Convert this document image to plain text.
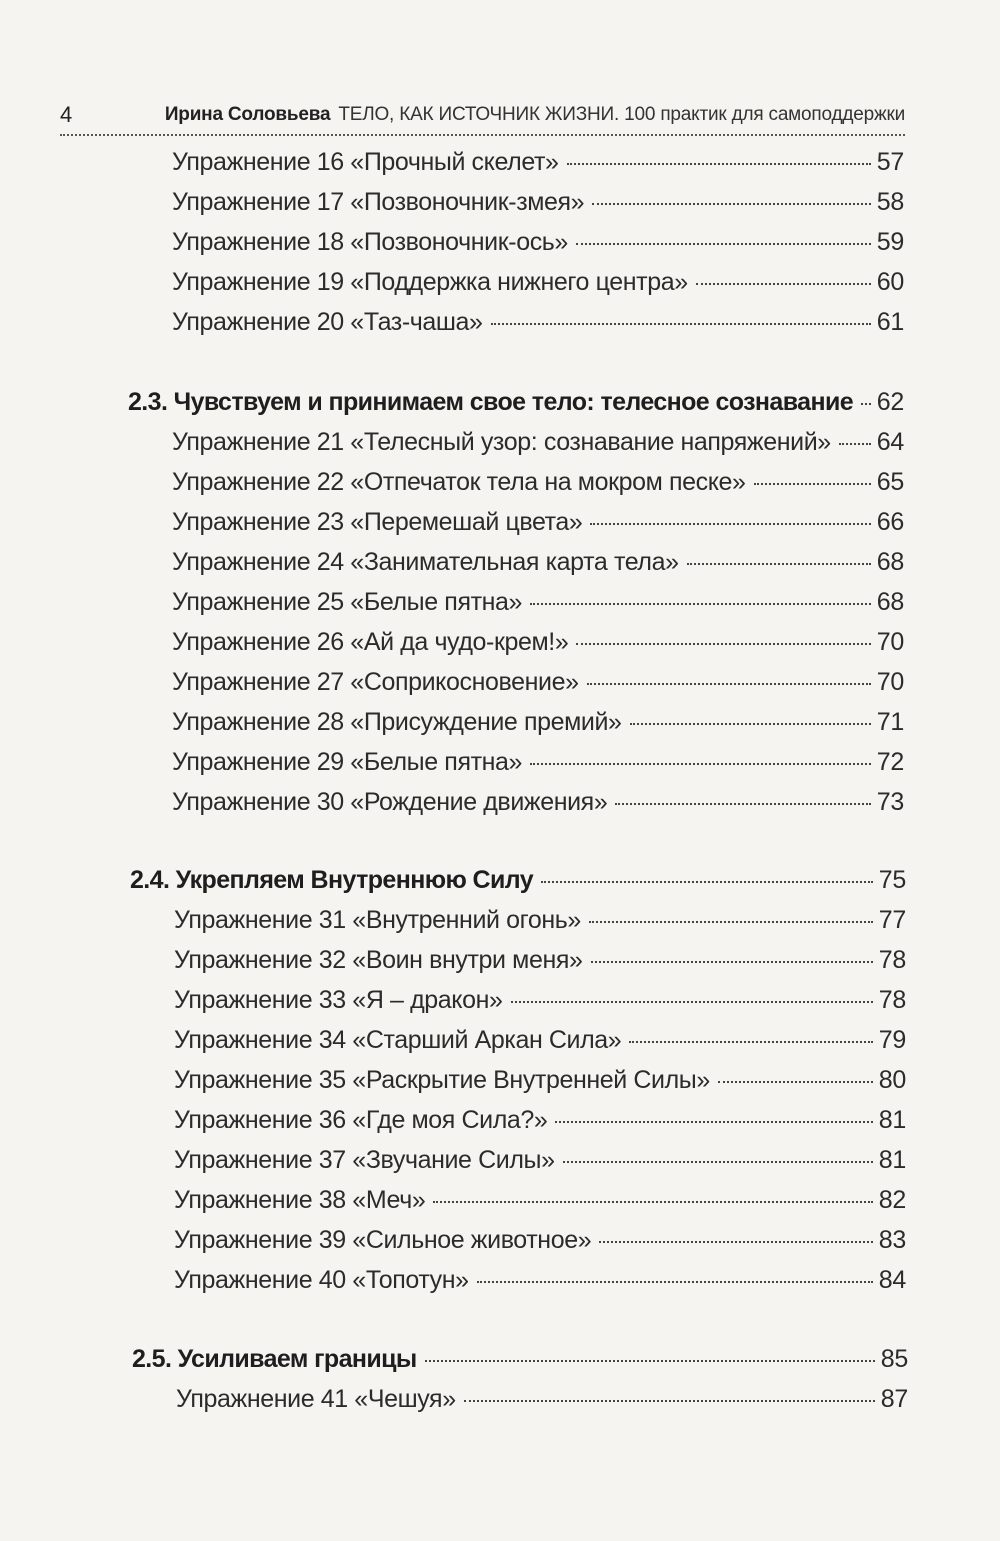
4	Ирина Соловьева ТЕЛО, КАК ИСТОЧНИК ЖИЗНИ. 100 практик для самоподдержки
Упражнение 16 «Прочный скелет»	57
Упражнение 17 «Позвоночник-змея»	58
Упражнение 18 «Позвоночник-ось»	59
Упражнение 19 «Поддержка нижнего центра»	60
Упражнение 20 «Таз-чаша»	61
2.3. Чувствуем и принимаем свое тело: телесное сознавание 62
Упражнение 21 «Телесный узор: сознавание напряжений» 64
Упражнение 22 «Отпечаток тела на мокром песке»	65
Упражнение 23 «Перемешай цвета»	66
Упражнение 24 «Занимательная карта тела»	68
Упражнение 25 «Белые пятна»	68
Упражнение 26 «Ай да чудо-крем!»	70
Упражнение 27 «Соприкосновение»	70
Упражнение 28 «Присуждение премий»	71
Упражнение 29 «Белые пятна»	72
Упражнение 30 «Рождение движения»	73
2.4. Укрепляем Внутреннюю Силу	75
Упражнение 31 «Внутренний огонь»	77
Упражнение 32 «Воин внутри меня»	78
Упражнение 33 «Я – дракон»	78
Упражнение 34 «Старший Аркан Сила»	79
Упражнение 35 «Раскрытие Внутренней Силы»	80
Упражнение 36 «Где моя Сила?»	81
Упражнение 37 «Звучание Силы»	81
Упражнение 38 «Меч»	82
Упражнение 39 «Сильное животное»	83
Упражнение 40 «Топотун»	84
2.5. Усиливаем границы	85
Упражнение 41 «Чешуя»	87
